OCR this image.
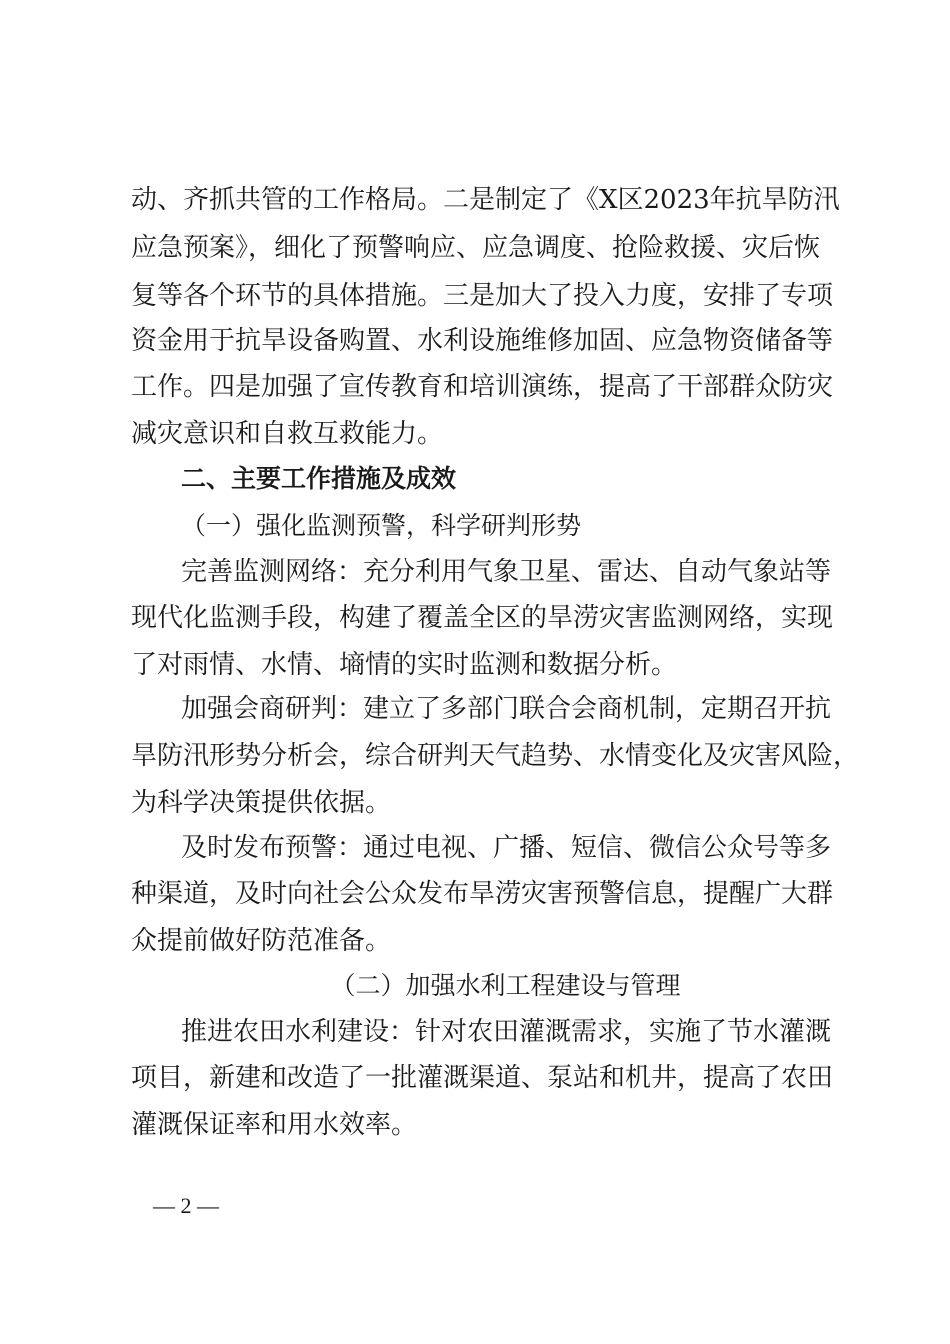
动、齐抓共管的工作格局。二是制定了《X区2023年抗旱防汛

应急预案》，细化了预警响应、应急调度、抢险救援、灾后恢

复等各个环节的具体措施。三是加大了投入力度，安排了专项

资金用于抗旱设备购置、水利设施维修加固、应急物资储备等

工作。四是加强了宣传教育和培训演练，提高了干部群众防灾

减灾意识和自救互救能力。

二、主要工作措施及成效

（一）强化监测预警，科学研判形势

完善监测网络：充分利用气象卫星、雷达、自动气象站等

现代化监测手段，构建了覆盖全区的旱涝灾害监测网络，实现

了对雨情、水情、墒情的实时监测和数据分析。

加强会商研判：建立了多部门联合会商机制，定期召开抗

旱防汛形势分析会，综合研判天气趋势、水情变化及灾害风险，

为科学决策提供依据。

及时发布预警：通过电视、广播、短信、微信公众号等多

种渠道，及时向社会公众发布旱涝灾害预警信息，提醒广大群

众提前做好防范准备。

（二）加强水利工程建设与管理

推进农田水利建设：针对农田灌溉需求，实施了节水灌溉

项目，新建和改造了一批灌溉渠道、泵站和机井，提高了农田

灌溉保证率和用水效率。

— 2 —
